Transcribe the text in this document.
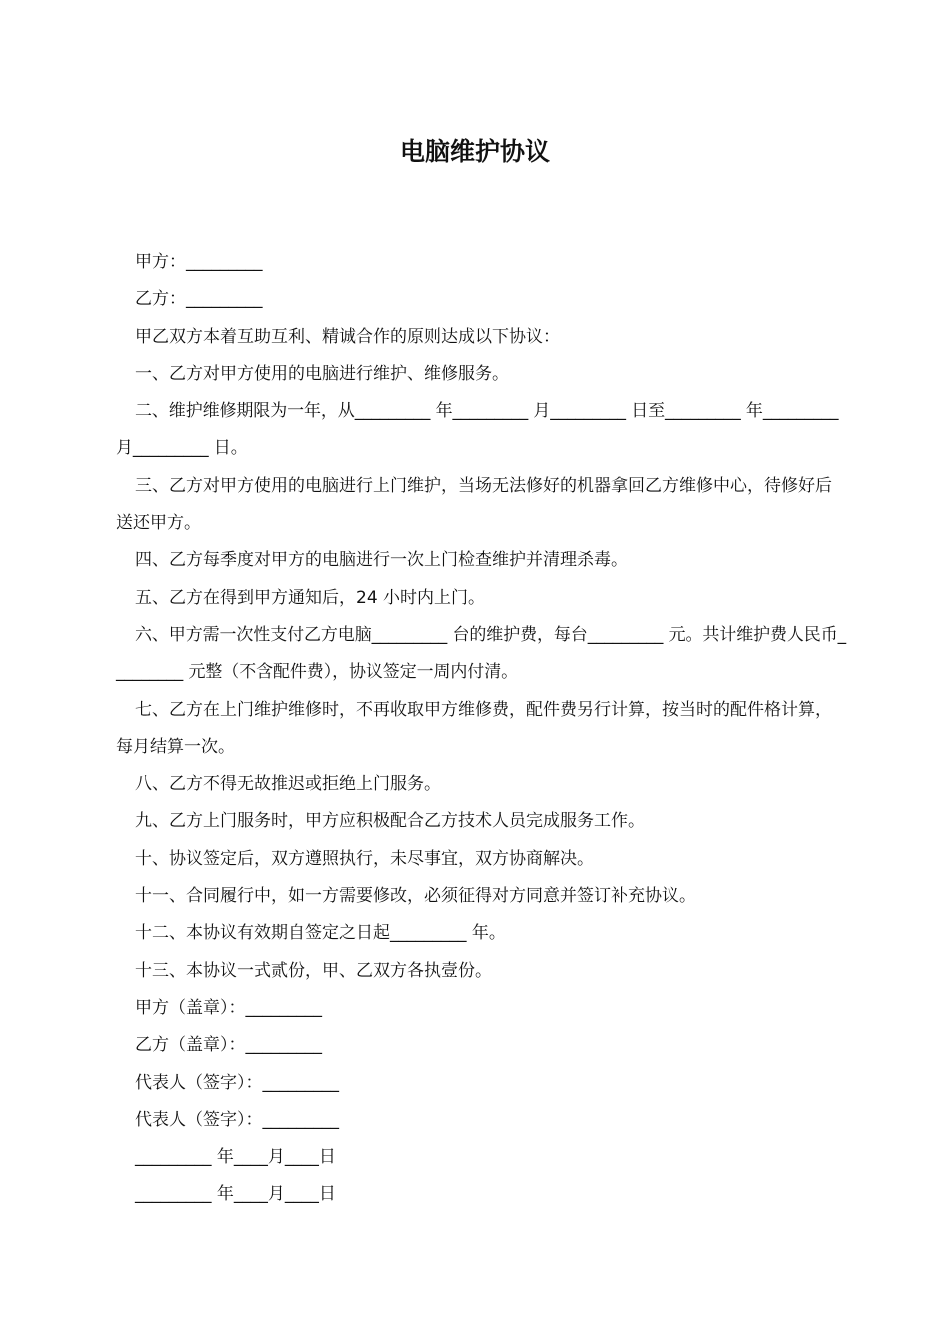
电脑维护协议

甲方：_________

乙方：_________

甲乙双方本着互助互利、精诚合作的原则达成以下协议：

一、乙方对甲方使用的电脑进行维护、维修服务。

二、维护维修期限为一年，从_________ 年_________ 月_________ 日至_________ 年_________ 月_________ 日。

三、乙方对甲方使用的电脑进行上门维护，当场无法修好的机器拿回乙方维修中心，待修好后送还甲方。

四、乙方每季度对甲方的电脑进行一次上门检查维护并清理杀毒。

五、乙方在得到甲方通知后，24 小时内上门。

六、甲方需一次性支付乙方电脑_________ 台的维护费，每台_________ 元。共计维护费人民币_________ 元整（不含配件费），协议签定一周内付清。

七、乙方在上门维护维修时，不再收取甲方维修费，配件费另行计算，按当时的配件格计算，每月结算一次。

八、乙方不得无故推迟或拒绝上门服务。

九、乙方上门服务时，甲方应积极配合乙方技术人员完成服务工作。

十、协议签定后，双方遵照执行，未尽事宜，双方协商解决。

十一、合同履行中，如一方需要修改，必须征得对方同意并签订补充协议。

十二、本协议有效期自签定之日起_________ 年。

十三、本协议一式贰份，甲、乙双方各执壹份。

甲方（盖章）：_________

乙方（盖章）：_________

代表人（签字）：_________

代表人（签字）：_________

_________ 年____月____日

_________ 年____月____日
